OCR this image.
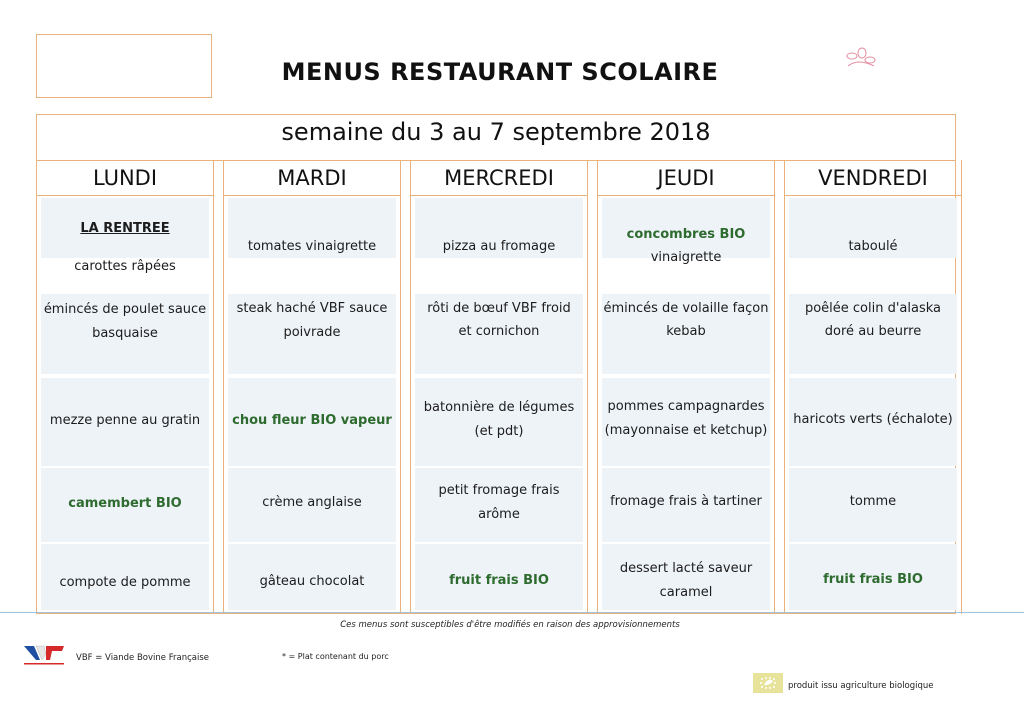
MENUS RESTAURANT SCOLAIRE
semaine du 3 au 7 septembre 2018
LUNDI
LA RENTREE
carottes râpées
émincés de poulet sauce
basquaise
mezze penne au gratin
camembert BIO
compote de pomme
MARDI
tomates vinaigrette
steak haché VBF sauce
poivrade
chou fleur BIO vapeur
crème anglaise
gâteau chocolat
MERCREDI
pizza au fromage
rôti de bœuf VBF froid
et cornichon
batonnière de légumes
(et pdt)
petit fromage frais
arôme
fruit frais BIO
JEUDI
concombres BIO
vinaigrette
émincés de volaille façon
kebab
pommes campagnardes
(mayonnaise et ketchup)
fromage frais à tartiner
dessert lacté saveur
caramel
VENDREDI
taboulé
poêlée colin d'alaska
doré au beurre
haricots verts (échalote)
tomme
fruit frais BIO
Ces menus sont susceptibles d'être modifiés en raison des approvisionnements
VBF = Viande Bovine Française	* = Plat contenant du porc
produit issu agriculture biologique
